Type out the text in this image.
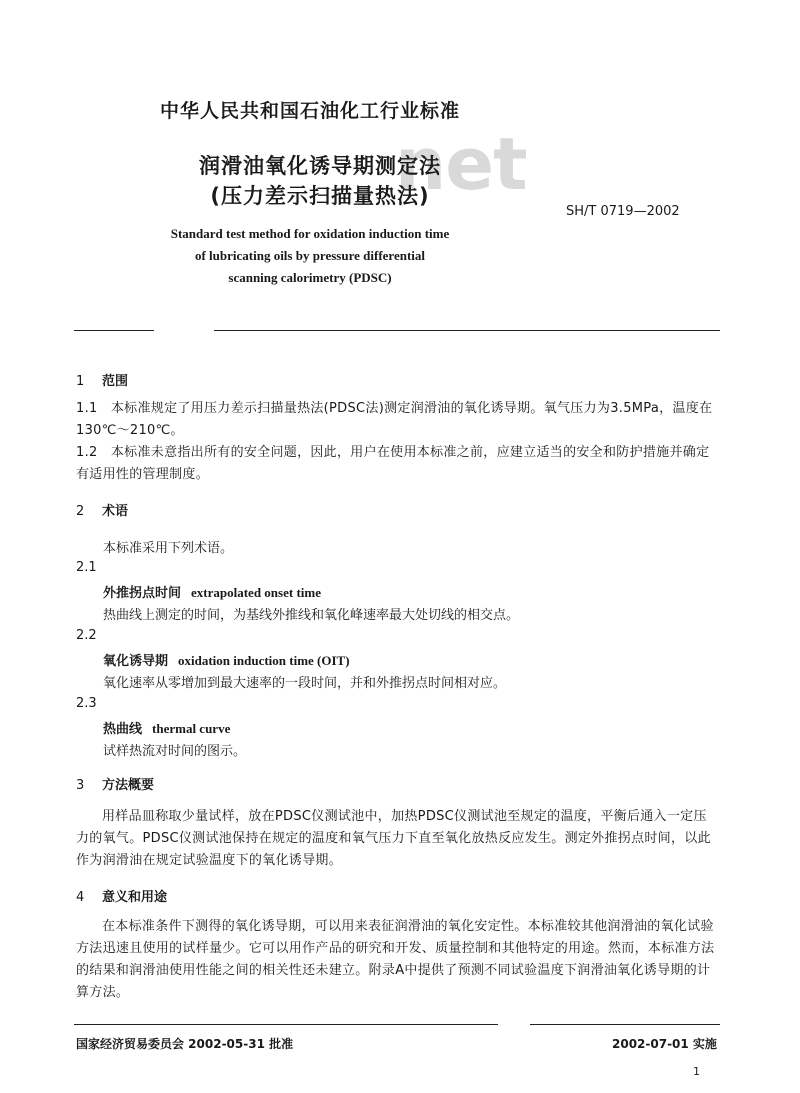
net
中华人民共和国石油化工行业标准
润滑油氧化诱导期测定法
(压力差示扫描量热法)
SH/T 0719—2002
Standard test method for oxidation induction time
of lubricating oils by pressure differential
scanning calorimetry (PDSC)
1 范围
1.1　本标准规定了用压力差示扫描量热法(PDSC法)测定润滑油的氧化诱导期。氧气压力为3.5MPa，温度在130℃～210℃。
1.2　本标准未意指出所有的安全问题，因此，用户在使用本标准之前，应建立适当的安全和防护措施并确定有适用性的管理制度。
2 术语
本标准采用下列术语。
2.1
外推拐点时间 extrapolated onset time
热曲线上测定的时间，为基线外推线和氧化峰速率最大处切线的相交点。
2.2
氧化诱导期 oxidation induction time (OIT)
氧化速率从零增加到最大速率的一段时间，并和外推拐点时间相对应。
2.3
热曲线 thermal curve
试样热流对时间的图示。
3 方法概要
用样品皿称取少量试样，放在PDSC仪测试池中，加热PDSC仪测试池至规定的温度，平衡后通入一定压力的氧气。PDSC仪测试池保持在规定的温度和氧气压力下直至氧化放热反应发生。测定外推拐点时间，以此作为润滑油在规定试验温度下的氧化诱导期。
4 意义和用途
在本标准条件下测得的氧化诱导期，可以用来表征润滑油的氧化安定性。本标准较其他润滑油的氧化试验方法迅速且使用的试样量少。它可以用作产品的研究和开发、质量控制和其他特定的用途。然而，本标准方法的结果和润滑油使用性能之间的相关性还未建立。附录A中提供了预测不同试验温度下润滑油氧化诱导期的计算方法。
国家经济贸易委员会 2002-05-31 批准	2002-07-01 实施
1
